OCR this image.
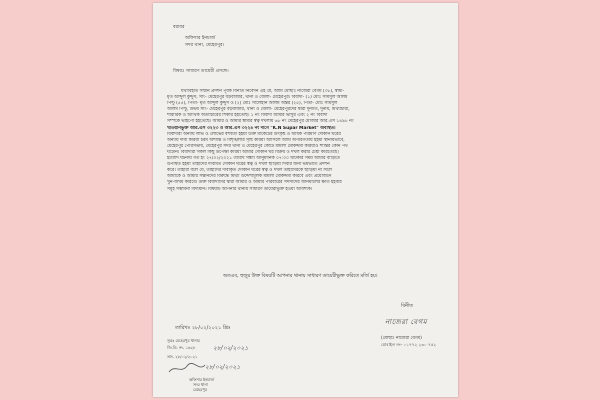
বরাবর
অফিসার ইনচার্জ
সদর থানা, মেহেরপুর।
বিষয়ঃ সাধারণ ডায়েরী প্রসঙ্গে।
যথাবিহীত সম্মান প্রদর্শন পূর্বক বিনীত নিবেদন এই যে, আমি মোছাঃ নাজেরা বেগম (৩৮), স্বামী-
মৃত আব্দুল কুদ্দুস, সাং- মেহেরপুর বড়বাজার, থানা ও জেলা- মেহেরপুর। বিবাদী- (১) মোঃ সামসুল আলম
পিন্টু (৫৫), পিতা- মৃত আব্দুল কুদ্দুস ও (২) মোঃ সালেহীন আলম অন্তর (২৫), পিতা- মোঃ সামসুল
আলম পিন্টু, উভয় সাং- মেহেরপুর বড়বাজার, থানা ও জেলা- মেহেরপুরদের দ্বারা দুর্নীতি, দুর্নাম, মিথ্যাচারী,
শারীরিক ও আর্থিক অত্যাচারের শিকার হইতেছি। ১ নং বিবাদী আমার ভাসুর এবং ২ নং বিবাদী
সম্পর্কে ভাইপো হইতেছে। আমার ও আমার স্বামীর স্বত্ব দখলীয় ৬৮ নং মেহেরপুর মৌজার আর.এস ১৪৯৮ নং
খতিয়ানভুক্ত আর.এস ৩২২৩ ও আর.এস ৩২২৪ নং দাগে "K.N Supar Market" অবস্থিত।
বিবাদীরা অন্যায় লাভ ও লোভের বশবর্তী হইয়া উক্ত মার্কেটের উৎকৃষ্ট ও অধিক পরিমাণ দোকান ঘরের
অন্যায় দাবী করিয়া চরম অশান্তি ও বিশৃঙ্খলার সৃষ্টি করিয়া আসিলে আমি অপারগতায় হইয়া স্থানীয়ভাবে,
মেহেরপুর পৌরসভায়, মেহেরপুর সদর থানা ও মেহেরপুর কোর্টে মামলা মোকদ্দমা করিয়াও শান্তির কোন পথ
ঘটেনি। বিবাদীরা সকল কিছু উপেক্ষা করিয়া আমার দোকান ঘর বিক্রয় ও দখল করার চেষ্টা করিতেছে।
ইত্যাদি ঘটনায় গত ইং ২৭/০২/২০২১ তারিখ সন্ধ্যা আনুমানিক ০৭:০০ ঘটিকার সময় আমার বাড়িতে
উপস্থিত হইয়া তাহাদের দাবীমত দোকান ঘরের স্বত্ব ও দখল ছাড়িয়া দিবার জন্য ভয়ভীতি প্রদর্শন
করে। তাহারা বলে যে, তাহাদের দাবীকৃত দোকান ঘরের স্বত্ব ও দখল তাহাদেরকে ছাড়িয়া না দিলে
আমাকে ও আমার সন্তানদের বিরুদ্ধে মিথ্যা উদ্দেশ্যমূলক মামলা মোকদ্দমা করিবে এবং প্রয়োজনে
খুন-জখম করিবে। উক্ত বিবাদীদের দ্বারা আমার ও আমার পরিবারের সদস্যদের জানমালের ক্ষতি হইবার
সমূহ সম্ভাবনা বিদ্যমান। বিষয়টি আপনার থানায় সাধারণ ডায়েরীভুক্ত হওয়া আবশ্যক।
অতএব, হুজুর উক্ত বিষয়টি আপনার থানায় সাধারণ ডায়েরীভুক্ত করিতে মর্জি হয়।
বিনীত
নাজেরা বেগম
(মোছাঃ নাজেরা বেগম)
মোবাইল নং- ০১৭৭২ ২৩০ ৭৫২
তারিখঃ ২৮/০২/২০২১ খ্রিঃ
সূত্রঃ মেহেরপুর থানার
জি.ডি. নং- ১৬২৮	২৮/০২/২০২১
তাং- ২৮/০২/২০২১
২৮/০২/২০২১
অফিসার ইনচার্জ
সদর থানা
মেহেরপুর
